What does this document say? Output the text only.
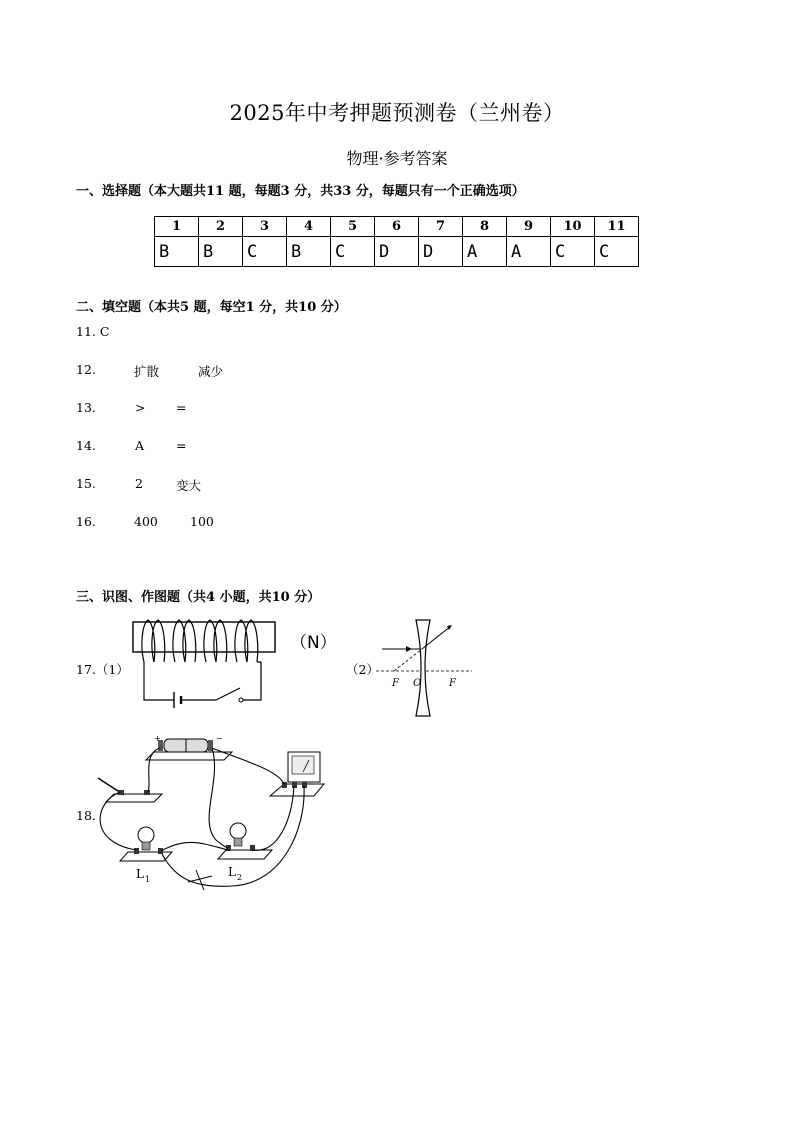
2025年中考押题预测卷（兰州卷）
物理·参考答案
一、选择题（本大题共11 题，每题3 分，共33 分，每题只有一个正确选项）
1	2	3	4	5	6	7	8	9	10	11
B	B	C	B	C	D	D	A	A	C	C
二、填空题（本共5 题，每空1 分，共10 分）
11. C
12.	扩散	减少
13.	> =
14.	A	=
15.	2	变大
16.	400	100
三、识图、作图题（共4 小题，共10 分）
17.（1）
（N）
（2）
F O	F
18.
+	−
L 1
L 2
